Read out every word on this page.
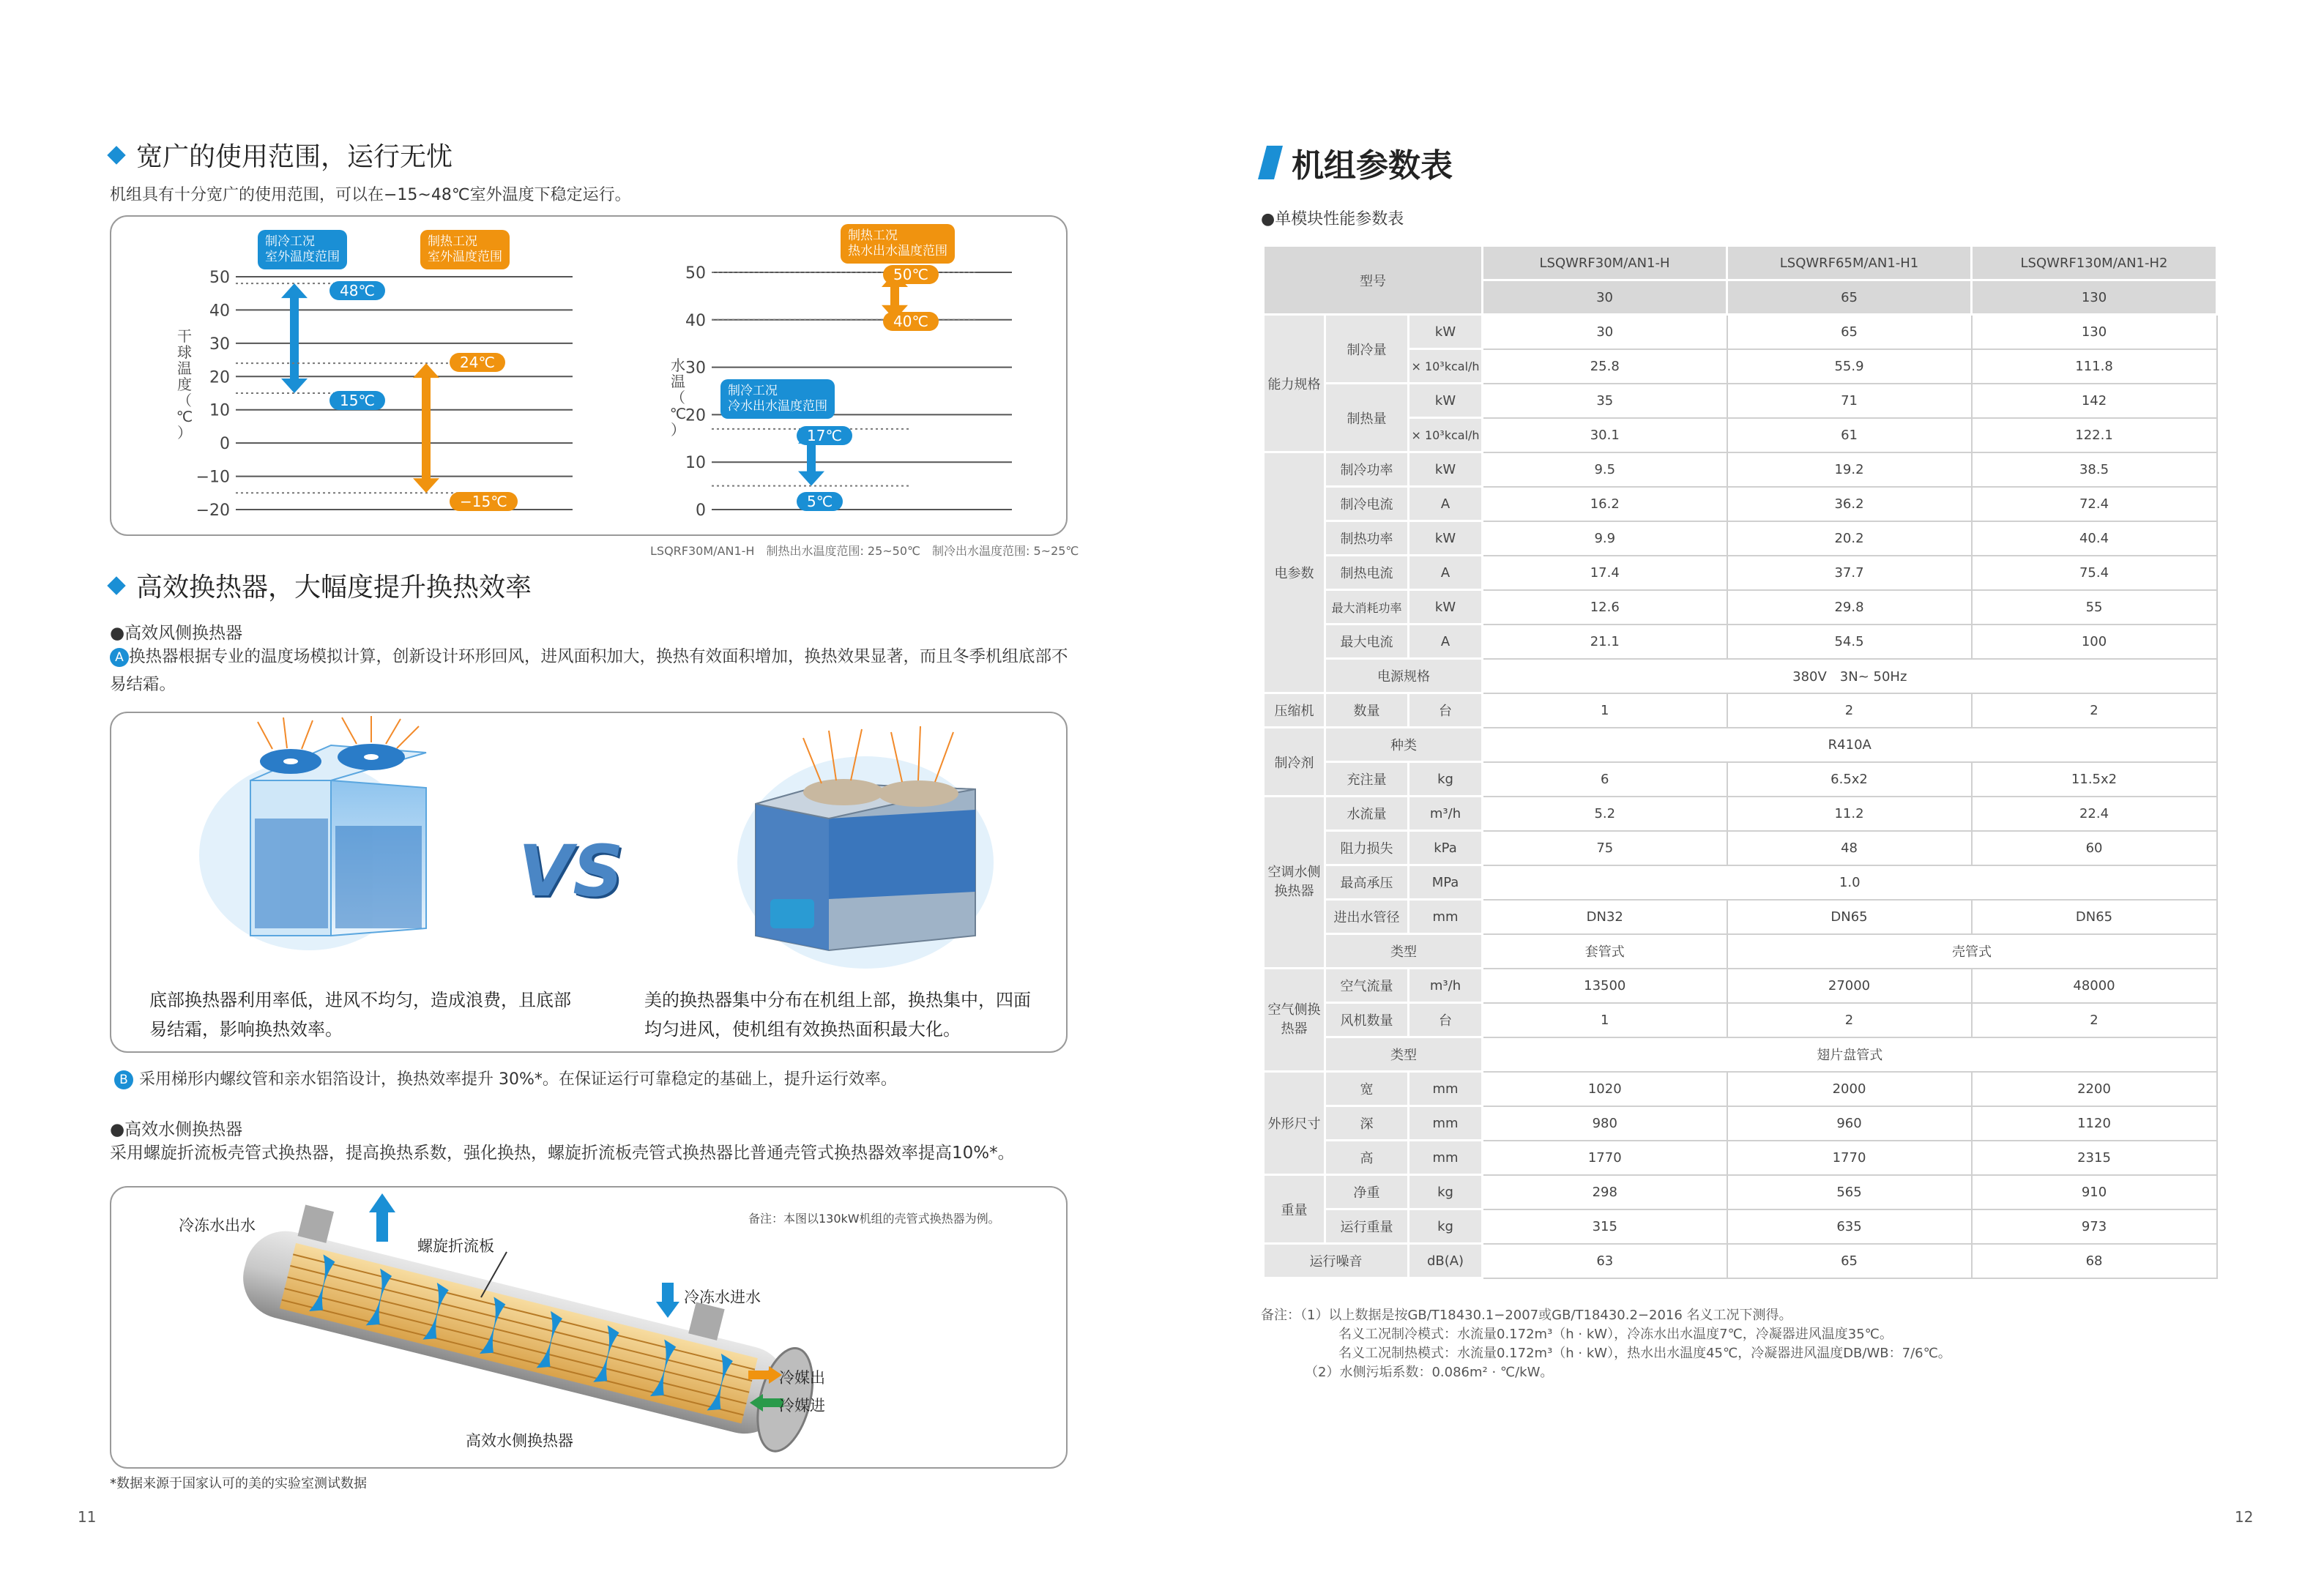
宽广的使用范围，运行无忧
机组具有十分宽广的使用范围，可以在−15~48℃室外温度下稳定运行。
50
40
30
20
10
0
−10
−20
干
球
温
度
（
℃
）
制冷工况
室外温度范围
制热工况
室外温度范围
48℃
15℃
24℃
−15℃
50
40
30
20
10
0
水
温
（
℃
）
制热工况
热水出水温度范围
制冷工况
冷水出水温度范围
50℃
40℃
17℃
5℃
LSQRF30M/AN1-H　制热出水温度范围: 25~50℃　制冷出水温度范围: 5~25℃
高效换热器，大幅度提升换热效率
●高效风侧换热器
A 换热器根据专业的温度场模拟计算，创新设计环形回风，进风面积加大，换热有效面积增加，换热效果显著，而且冬季机组底部不易结霜。
VS
底部换热器利用率低，进风不均匀，造成浪费，且底部易结霜，影响换热效率。
美的换热器集中分布在机组上部，换热集中，四面均匀进风，使机组有效换热面积最大化。
B 采用梯形内螺纹管和亲水铝箔设计，换热效率提升 30%*。在保证运行可靠稳定的基础上，提升运行效率。
●高效水侧换热器
采用螺旋折流板壳管式换热器，提高换热系数，强化换热，螺旋折流板壳管式换热器比普通壳管式换热器效率提高10%*。
备注：本图以130kW机组的壳管式换热器为例。
冷冻水出水
螺旋折流板
冷冻水进水
冷媒出
冷媒进
高效水侧换热器
*数据来源于国家认可的美的实验室测试数据
11
机组参数表
●单模块性能参数表
型号			LSQWRF30M/AN1-H	LSQWRF65M/AN1-H1	LSQWRF130M/AN1-H2
			30	65	130
能力规格	制冷量	kW	30	65	130
		× 10³kcal/h	25.8	55.9	111.8
	制热量	kW	35	71	142
		× 10³kcal/h	30.1	61	122.1
电参数	制冷功率	kW	9.5	19.2	38.5
	制冷电流	A	16.2	36.2	72.4
	制热功率	kW	9.9	20.2	40.4
	制热电流	A	17.4	37.7	75.4
	最大消耗功率	kW	12.6	29.8	55
	最大电流	A	21.1	54.5	100
	电源规格		380V　3N~ 50Hz		
压缩机	数量	台	1	2	2
制冷剂	种类		R410A		
	充注量	kg	6	6.5x2	11.5x2
空调水侧换热器	水流量	m³/h	5.2	11.2	22.4
	阻力损失	kPa	75	48	60
	最高承压	MPa	1.0		
	进出水管径	mm	DN32	DN65	DN65
	类型		套管式	壳管式	
空气侧换热器	空气流量	m³/h	13500	27000	48000
	风机数量	台	1	2	2
	类型		翅片盘管式		
外形尺寸	宽	mm	1020	2000	2200
	深	mm	980	960	1120
	高	mm	1770	1770	2315
重量	净重	kg	298	565	910
	运行重量	kg	315	635	973
运行噪音		dB(A)	63	65	68
备注：（1）以上数据是按GB/T18430.1−2007或GB/T18430.2−2016 名义工况下测得。
名义工况制冷模式：水流量0.172m³（h · kW），冷冻水出水温度7℃，冷凝器进风温度35℃。
名义工况制热模式：水流量0.172m³（h · kW），热水出水温度45℃，冷凝器进风温度DB/WB：7/6℃。
（2）水侧污垢系数：0.086m² · ℃/kW。
12
